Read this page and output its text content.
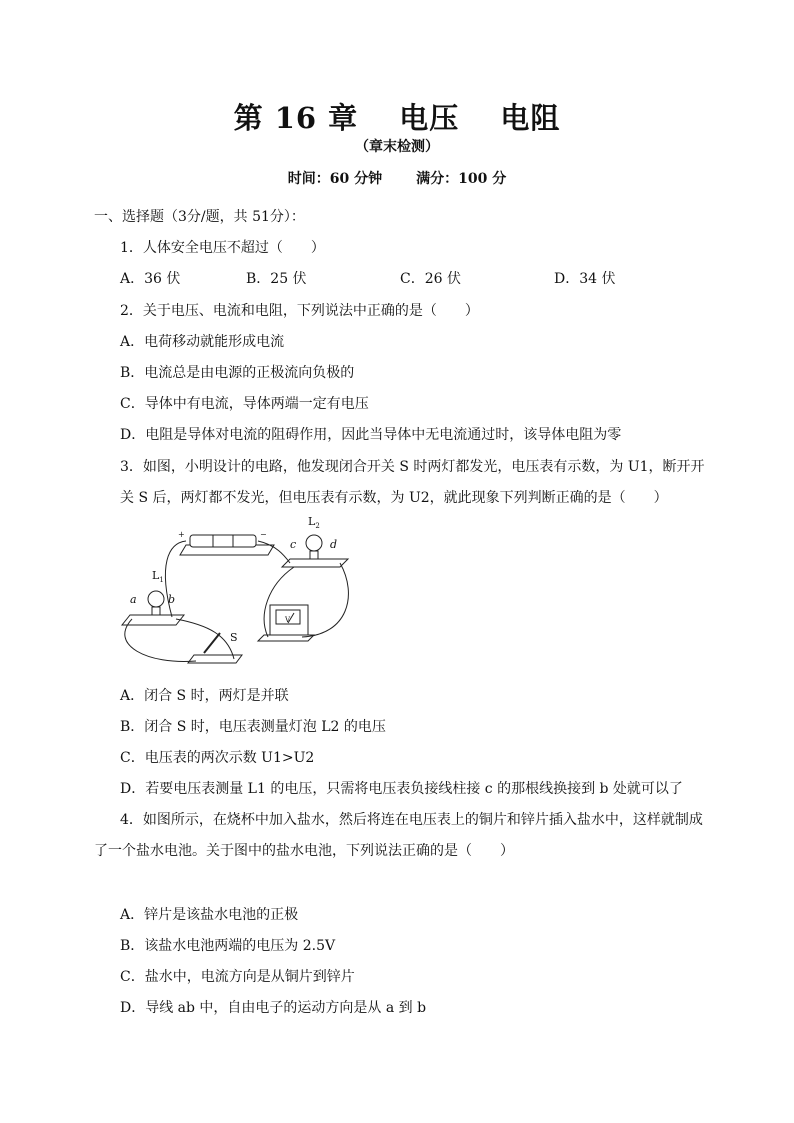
第 16 章　 电压　 电阻
（章末检测）
时间：60 分钟 满分：100 分
一、选择题（3分/题，共 51分）：
1．人体安全电压不超过（　　）
A．36 伏	B．25 伏	C．26 伏	D．34 伏
2．关于电压、电流和电阻，下列说法中正确的是（　　）
A．电荷移动就能形成电流
B．电流总是由电源的正极流向负极的
C．导体中有电流，导体两端一定有电压
D．电阻是导体对电流的阻碍作用，因此当导体中无电流通过时，该导体电阻为零
3．如图，小明设计的电路，他发现闭合开关 S 时两灯都发光，电压表有示数，为 U1，断开开
关 S 后，两灯都不发光，但电压表有示数，为 U2，就此现象下列判断正确的是（　　）
$L_2$
$L_1$
a	b
c	d
S
V
+	−
A．闭合 S 时，两灯是并联
B．闭合 S 时，电压表测量灯泡 L2 的电压
C．电压表的两次示数 U1>U2
D．若要电压表测量 L1 的电压，只需将电压表负接线柱接 c 的那根线换接到 b 处就可以了
4．如图所示，在烧杯中加入盐水，然后将连在电压表上的铜片和锌片插入盐水中，这样就制成
了一个盐水电池。关于图中的盐水电池，下列说法正确的是（　　）
A．锌片是该盐水电池的正极
B．该盐水电池两端的电压为 2.5V
C．盐水中，电流方向是从铜片到锌片
D．导线 ab 中，自由电子的运动方向是从 a 到 b
